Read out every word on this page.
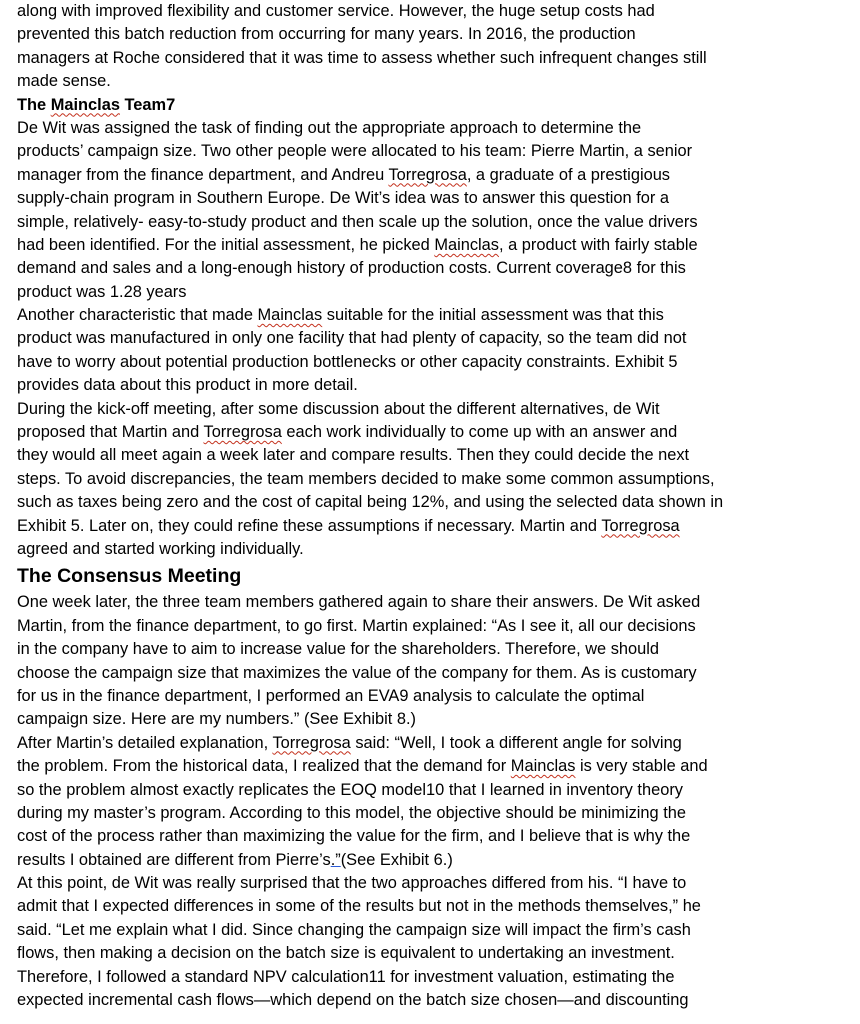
along with improved flexibility and customer service. However, the huge setup costs had
prevented this batch reduction from occurring for many years. In 2016, the production
managers at Roche considered that it was time to assess whether such infrequent changes still
made sense.
The Mainclas Team7
De Wit was assigned the task of finding out the appropriate approach to determine the
products’ campaign size. Two other people were allocated to his team: Pierre Martin, a senior
manager from the finance department, and Andreu Torregrosa, a graduate of a prestigious
supply-chain program in Southern Europe. De Wit’s idea was to answer this question for a
simple, relatively- easy-to-study product and then scale up the solution, once the value drivers
had been identified. For the initial assessment, he picked Mainclas, a product with fairly stable
demand and sales and a long-enough history of production costs. Current coverage8 for this
product was 1.28 years
Another characteristic that made Mainclas suitable for the initial assessment was that this
product was manufactured in only one facility that had plenty of capacity, so the team did not
have to worry about potential production bottlenecks or other capacity constraints. Exhibit 5
provides data about this product in more detail.
During the kick-off meeting, after some discussion about the different alternatives, de Wit
proposed that Martin and Torregrosa each work individually to come up with an answer and
they would all meet again a week later and compare results. Then they could decide the next
steps. To avoid discrepancies, the team members decided to make some common assumptions,
such as taxes being zero and the cost of capital being 12%, and using the selected data shown in
Exhibit 5. Later on, they could refine these assumptions if necessary. Martin and Torregrosa
agreed and started working individually.
The Consensus Meeting
One week later, the three team members gathered again to share their answers. De Wit asked
Martin, from the finance department, to go first. Martin explained: “As I see it, all our decisions
in the company have to aim to increase value for the shareholders. Therefore, we should
choose the campaign size that maximizes the value of the company for them. As is customary
for us in the finance department, I performed an EVA9 analysis to calculate the optimal
campaign size. Here are my numbers.” (See Exhibit 8.)
After Martin’s detailed explanation, Torregrosa said: “Well, I took a different angle for solving
the problem. From the historical data, I realized that the demand for Mainclas is very stable and
so the problem almost exactly replicates the EOQ model10 that I learned in inventory theory
during my master’s program. According to this model, the objective should be minimizing the
cost of the process rather than maximizing the value for the firm, and I believe that is why the
results I obtained are different from Pierre’s.”(See Exhibit 6.)
At this point, de Wit was really surprised that the two approaches differed from his. “I have to
admit that I expected differences in some of the results but not in the methods themselves,” he
said. “Let me explain what I did. Since changing the campaign size will impact the firm’s cash
flows, then making a decision on the batch size is equivalent to undertaking an investment.
Therefore, I followed a standard NPV calculation11 for investment valuation, estimating the
expected incremental cash flows—which depend on the batch size chosen—and discounting
